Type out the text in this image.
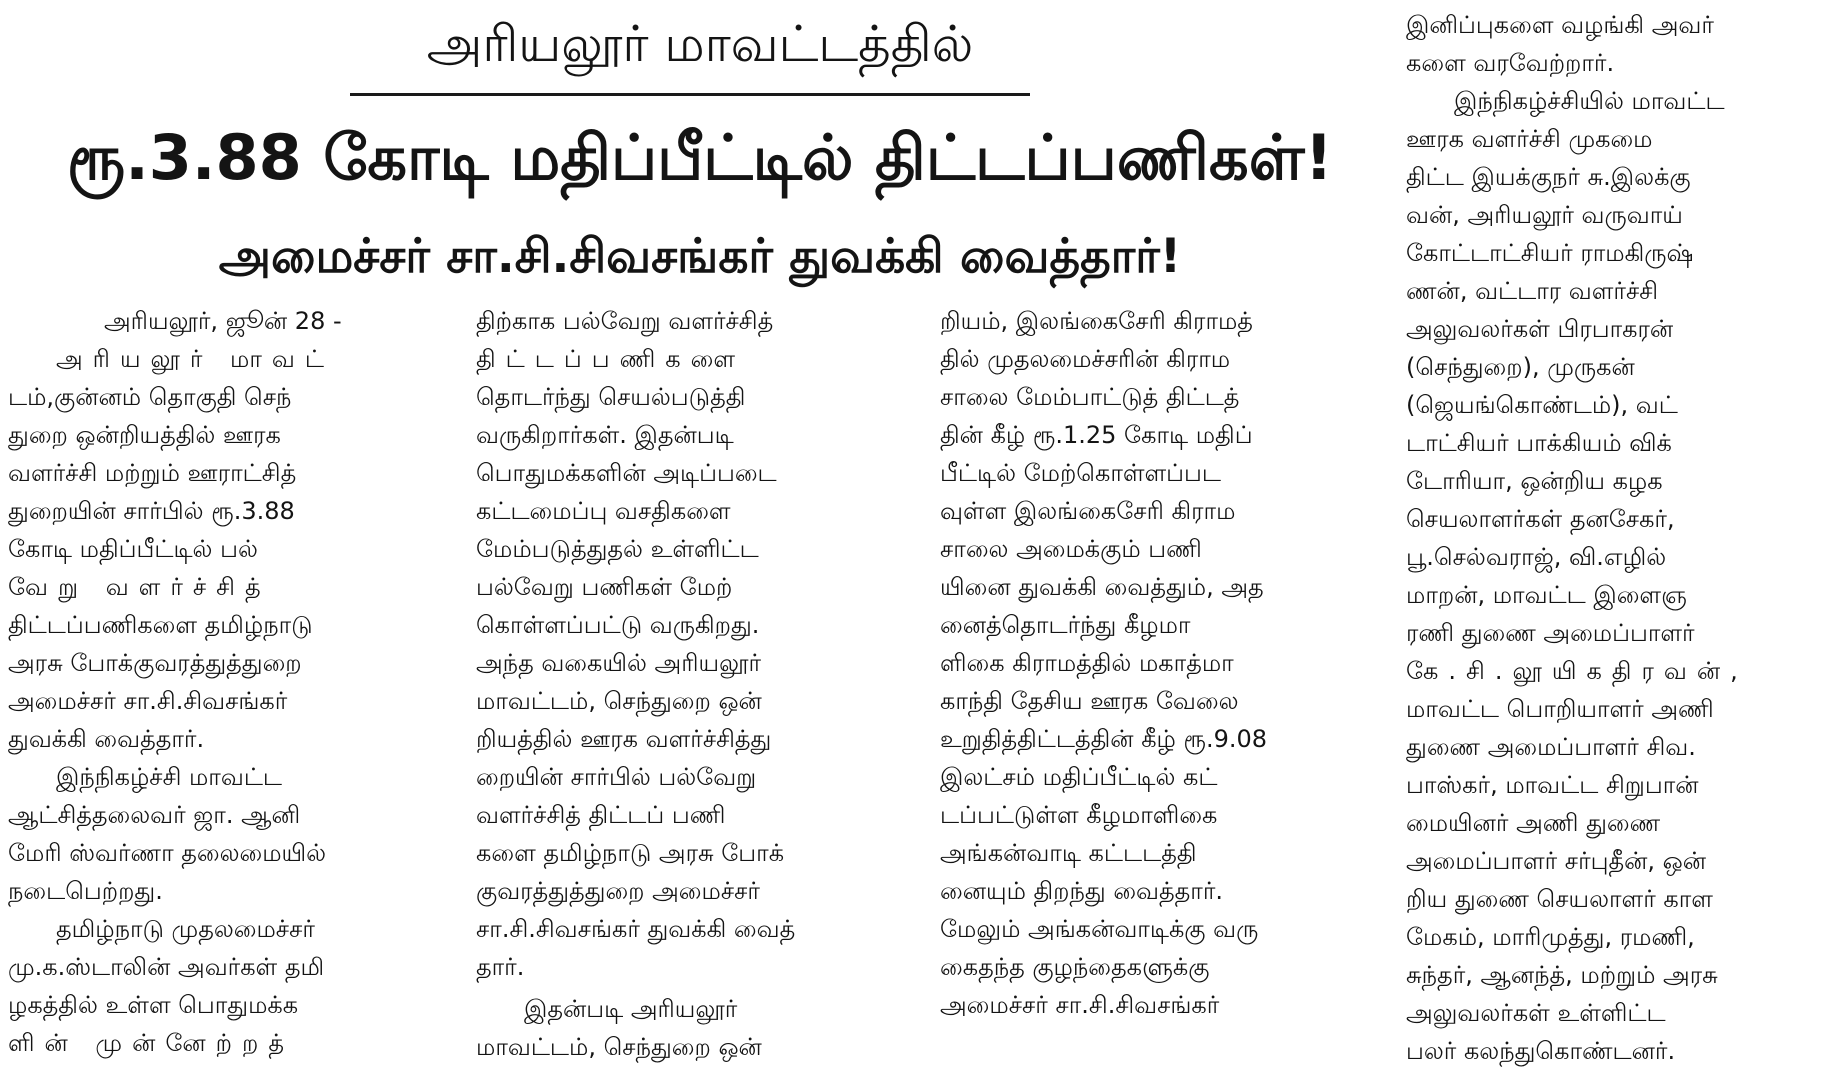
அரியலூர் மாவட்டத்தில்
ரூ.3.88 கோடி மதிப்பீட்டில் திட்டப்பணிகள்!
அமைச்சர் சா.சி.சிவசங்கர் துவக்கி வைத்தார்!
அரியலூர், ஜூன் 28 -
அரியலூர் மாவட்
டம்,குன்னம் தொகுதி செந்
துறை ஒன்றியத்தில் ஊரக
வளர்ச்சி மற்றும் ஊராட்சித்
துறையின் சார்பில் ரூ.3.88
கோடி மதிப்பீட்டில் பல்
வேறு வளர்ச்சித்
திட்டப்பணிகளை தமிழ்நாடு
அரசு போக்குவரத்துத்துறை
அமைச்சர் சா.சி.சிவசங்கர்
துவக்கி வைத்தார்.
இந்நிகழ்ச்சி மாவட்ட
ஆட்சித்தலைவர் ஜா. ஆனி
மேரி ஸ்வர்ணா தலைமையில்
நடைபெற்றது.
தமிழ்நாடு முதலமைச்சர்
மு.க.ஸ்டாலின் அவர்கள் தமி
ழகத்தில் உள்ள பொதுமக்க
ளின் முன்னேற்றத்
திற்காக பல்வேறு வளர்ச்சித்
திட்டப்பணிகளை
தொடர்ந்து செயல்படுத்தி
வருகிறார்கள். இதன்படி
பொதுமக்களின் அடிப்படை
கட்டமைப்பு வசதிகளை
மேம்படுத்துதல் உள்ளிட்ட
பல்வேறு பணிகள் மேற்
கொள்ளப்பட்டு வருகிறது.
அந்த வகையில் அரியலூர்
மாவட்டம், செந்துறை ஒன்
றியத்தில் ஊரக வளர்ச்சித்து
றையின் சார்பில் பல்வேறு
வளர்ச்சித் திட்டப் பணி
களை தமிழ்நாடு அரசு போக்
குவரத்துத்துறை அமைச்சர்
சா.சி.சிவசங்கர் துவக்கி வைத்
தார்.
இதன்படி அரியலூர்
மாவட்டம், செந்துறை ஒன்
றியம், இலங்கைசேரி கிராமத்
தில் முதலமைச்சரின் கிராம
சாலை மேம்பாட்டுத் திட்டத்
தின் கீழ் ரூ.1.25 கோடி மதிப்
பீட்டில் மேற்கொள்ளப்பட
வுள்ள இலங்கைசேரி கிராம
சாலை அமைக்கும் பணி
யினை துவக்கி வைத்தும், அத
னைத்தொடர்ந்து கீழமா
ளிகை கிராமத்தில் மகாத்மா
காந்தி தேசிய ஊரக வேலை
உறுதித்திட்டத்தின் கீழ் ரூ.9.08
இலட்சம் மதிப்பீட்டில் கட்
டப்பட்டுள்ள கீழமாளிகை
அங்கன்வாடி கட்டடத்தி
னையும் திறந்து வைத்தார்.
மேலும் அங்கன்வாடிக்கு வரு
கைதந்த குழந்தைகளுக்கு
அமைச்சர் சா.சி.சிவசங்கர்
இனிப்புகளை வழங்கி அவர்
களை வரவேற்றார்.
இந்நிகழ்ச்சியில் மாவட்ட
ஊரக வளர்ச்சி முகமை
திட்ட இயக்குநர் சு.இலக்கு
வன், அரியலூர் வருவாய்
கோட்டாட்சியர் ராமகிருஷ்
ணன், வட்டார வளர்ச்சி
அலுவலர்கள் பிரபாகரன்
(செந்துறை), முருகன்
(ஜெயங்கொண்டம்), வட்
டாட்சியர் பாக்கியம் விக்
டோரியா, ஒன்றிய கழக
செயலாளர்கள் தனசேகர்,
பூ.செல்வராஜ், வி.எழில்
மாறன், மாவட்ட இளைஞ
ரணி துணை அமைப்பாளர்
கே.சி.லூயிகதிரவன்,
மாவட்ட பொறியாளர் அணி
துணை அமைப்பாளர் சிவ.
பாஸ்கர், மாவட்ட சிறுபான்
மையினர் அணி துணை
அமைப்பாளர் சர்புதீன், ஒன்
றிய துணை செயலாளர் காள
மேகம், மாரிமுத்து, ரமணி,
சுந்தர், ஆனந்த், மற்றும் அரசு
அலுவலர்கள் உள்ளிட்ட
பலர் கலந்துகொண்டனர்.
